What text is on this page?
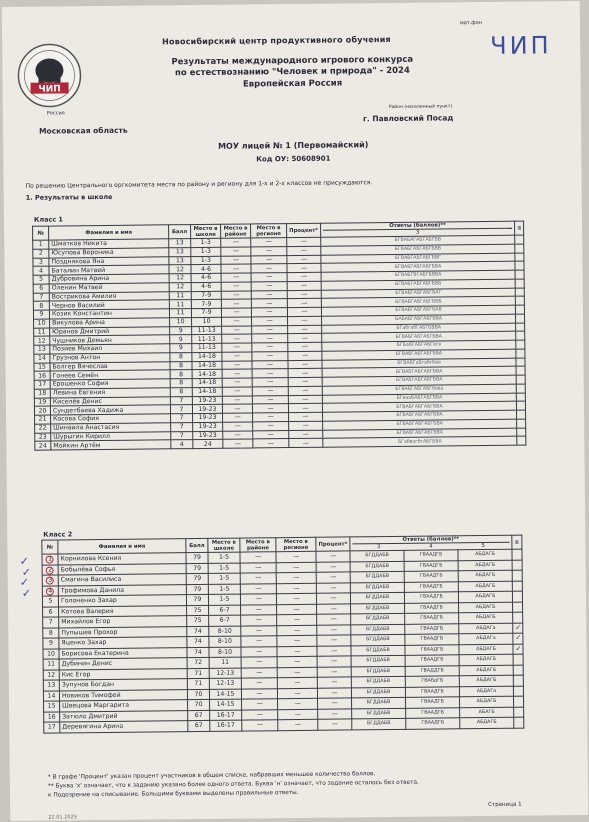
ЧИП
Россия
мат.фон
ЧИП
Новосибирский центр продуктивного обучения
Результаты международного игрового конкурса
по естествознанию "Человек и природа" - 2024
Европейская Россия
Московская область
Район (населенный пункт)
г. Павловский Посад
МОУ лицей № 1 (Первомайский)
Код ОУ: 50608901
По решению Центрального оргкомитета места по району и региону для 1-х и 2-х классов не присуждаются.
1. Результаты в школе
Класс 1
№	Фамилия и имя	Балл	Место в школе	Место в районе	Место в регионе	Процент*	Ответы (баллов)**
3	≡
1	Шматков Никита	13	1-3	—	—	—	БГВАБАГАБГАБГБВ	
2	Юсупова Вероника	13	1-3	—	—	—	БГВАБГАБГАБГБВВ	
3	Позднякова Яна	13	1-3	—	—	—	БГВАБГАБГАБГБВГ	
4	Баталин Матвей	12	4-6	—	—	—	БГВАБГАБГАБГБВА	
5	Дубровина Арина	12	4-6	—	—	—	БГВАБГВГАБГБВВА	
6	Оленин Матвей	12	4-6	—	—	—	БГВАБГАБГАБГБВБ	
7	Вострикова Амилия	11	7-9	—	—	—	БГВАБГАБГАБГБАГ	
8	Чернов Василий	11	7-9	—	—	—	БГВАБГАБГАБГБВБ	
9	Козик Константин	11	7-9	—	—	—	БГВАБГАБГАБГБАВ	
10	Викулова Арина	10	10	—	—	—	БАБАБГАБГАБГБВА	
11	Юранов Дмитрий	9	11-13	—	—	—	БГабгабГАБГБВВА	
12	Чушников Демьян	9	11-13	—	—	—	БГВАБГАБГАБГБВА	
13	Позиев Михаил	9	11-13	—	—	—	БГБаБГАБГАБГвгв	
14	Грузнов Антон	8	14-18	—	—	—	БГВАБГАБГАБГБВА	
15	Болгер Вячеслав	8	14-18	—	—	—	БГВАБГаБгабгБвв	
16	Гонеев Семён	8	14-18	—	—	—	БГВАБГАБГАБГБВА	
17	Ерошенко София	8	14-18	—	—	—	БГВАБГАБГАБГБВА	
18	Левина Евгения	8	14-18	—	—	—	БГВАБГАБГАБГбвва	
19	Киселёв Денис	7	19-23	—	—	—	БГвааБАБГАБГБВА	
20	Сундетбаева Хадижа	7	19-23	—	—	—	БГВАБГАБГАБГБВА	
21	Косова София	7	19-23	—	—	—	БГВАБГАБГАБГБВА	
22	Шинаила Анастасия	7	19-23	—	—	—	БГВАБГАБГАБГБВА	
23	Шурыгин Кирилл	7	19-23	—	—	—	БГВАБГАБГАБГБВА	
24	Мойкин Артём	4	24	—	—	—	БГабвагбгАБГБВА	
Класс 2
№	Фамилия и имя	Балл	Место в школе	Место в районе	Место в регионе	Процент*	Ответы (баллов)**
3 4 5			≡	
1	Корнилова Ксения	79	1-5	—	—	—	БГДДАБВ	ГВААДГБ	АБДАГБ		
2	Бобылёва Софья	79	1-5	—	—	—	БГДДАБВ	ГВААДГБ	АБДАГБ		
3	Смагина Василиса	79	1-5	—	—	—	БГДДАБВ	ГВААДГБ	АБДАГБ		
4	Трофимова Данила	79	1-5	—	—	—	БГДДАБВ	ГВААДГБ	АБДАГБ		
5	Голоненко Захар	79	1-5	—	—	—	БГДДАБВ	ГВААДГБ	АБДАГБ		
6	Котова Валерия	75	6-7	—	—	—	БГДДАБВ	ГВААДГБ	АБДАГБ		
7	Михайлов Егор	75	6-7	—	—	—	БГДДАБВ	ГВААДГБ	АБДАГБ		
8	Пупышев Прохор	74	8-10	—	—	—	БГДДАБВ	ГВААДГБ	АБДАГа	✓	
9	Яценко Захар	74	8-10	—	—	—	БГДДАБВ	ГВААДГБ	АБДАГа	✓	
10	Борисова Екатерина	74	8-10	—	—	—	БГДДАБВ	ГВААДГБ	АБДАГБ	✓	
11	Дубинин Денис	72	11	—	—	—	БГДДАБВ	ГВААДГБ	АБДАГБ		
12	Кис Егор	71	12-13	—	—	—	БГДДАБВ	ГВАДДГБ	АБДАГБ		
13	Зупунов Богдан	71	12-13	—	—	—	БГДДАБВ	ГВАбдГБ	АБДАГБ		
14	Новиков Тимофей	70	14-15	—	—	—	БГДДАБВ	ГВААДГБ	АБДАГа		
15	Швецова Маргарита	70	14-15	—	—	—	БГДДАБВ	ГВААДГБ	АБДАГБ		
16	Затюло Дмитрий	67	16-17	—	—	—	БГДДАБВ	ГВААДГБ	АБАГБ		
17	Деревягина Арина	67	16-17	—	—	—	БГДДАБВ	ГВААДГБ	АБДАГБ		
* В графе 'Процент' указан процент участников в общем списке, набравших меньшее количество баллов.
** Буква 'х' означает, что к заданию указано более одного ответа. Буква 'н' означает, что задание осталось без ответа.
к Подозрение на списывание. Большими буквами выделены правильные ответы.
Страница 1
22.01.2025
✓
✓
✓
✓
